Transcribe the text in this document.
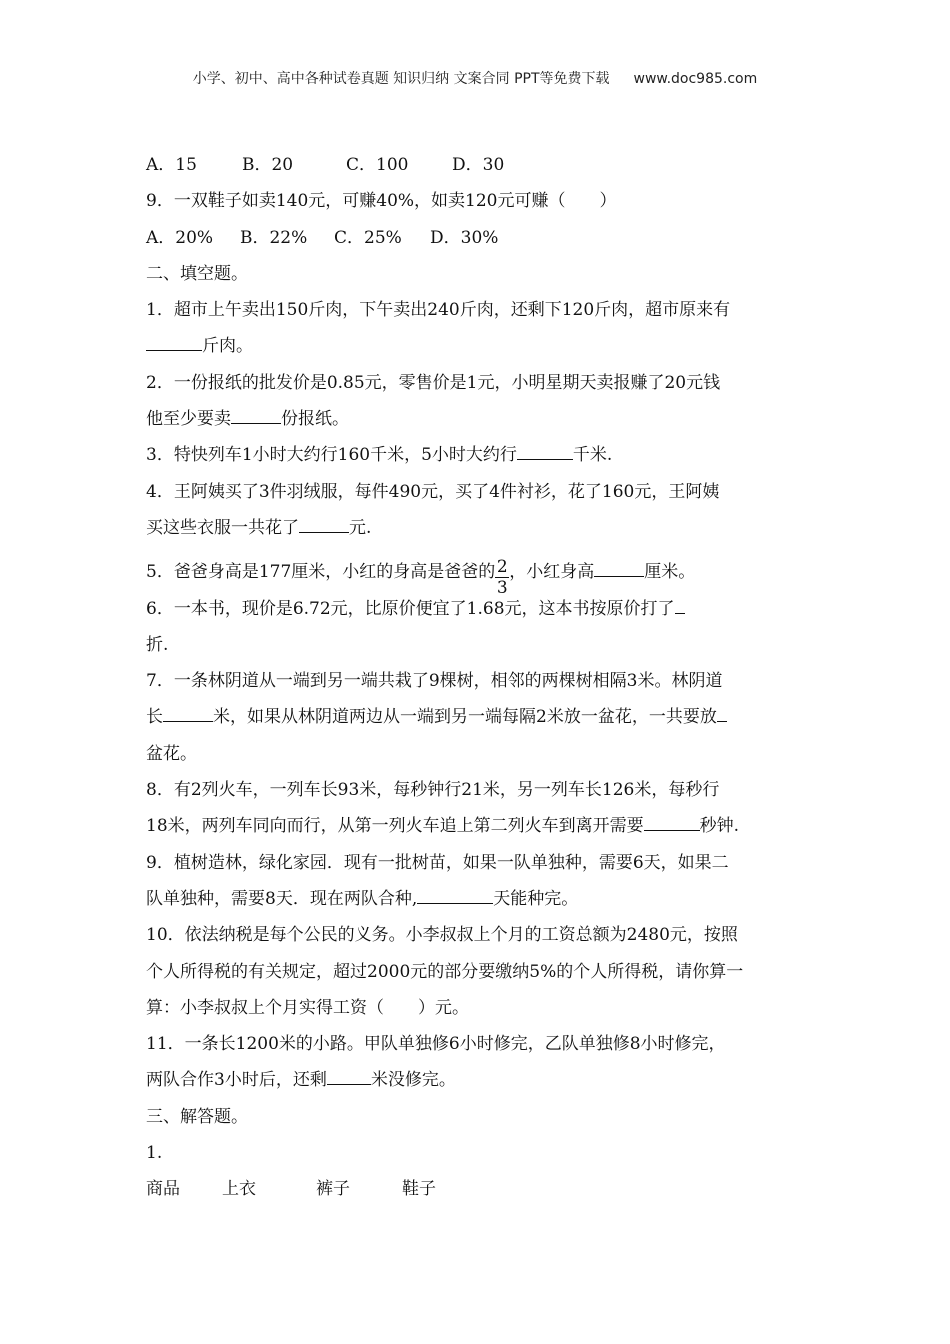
小学、初中、高中各种试卷真题 知识归纳 文案合同 PPT等免费下载 www.doc985.com
A．15	B．20	C．100	D．30
9．一双鞋子如卖140元，可赚40%，如卖120元可赚（　　）
A．20% B．22% C．25% D．30%
二、填空题。
1．超市上午卖出150斤肉，下午卖出240斤肉，还剩下120斤肉，超市原来有
斤肉。
2．一份报纸的批发价是0.85元，零售价是1元，小明星期天卖报赚了20元钱
他至少要卖	份报纸。
3．特快列车1小时大约行160千米，5小时大约行	千米.
4．王阿姨买了3件羽绒服，每件490元，买了4件衬衫，花了160元，王阿姨
买这些衣服一共花了	元.
5．爸爸身高是177厘米，小红的身高是爸爸的 $\frac{2}{3}$ ，小红身高	厘米。
6．一本书，现价是6.72元，比原价便宜了1.68元，这本书按原价打了
折.
7．一条林阴道从一端到另一端共栽了9棵树，相邻的两棵树相隔3米。林阴道
长	米，如果从林阴道两边从一端到另一端每隔2米放一盆花，一共要放
盆花。
8．有2列火车，一列车长93米，每秒钟行21米，另一列车长126米，每秒行
18米，两列车同向而行，从第一列火车追上第二列火车到离开需要	秒钟.
9．植树造林，绿化家园．现有一批树苗，如果一队单独种，需要6天，如果二
队单独种，需要8天．现在两队合种,	天能种完。
10．依法纳税是每个公民的义务。小李叔叔上个月的工资总额为2480元，按照
个人所得税的有关规定，超过2000元的部分要缴纳5%的个人所得税，请你算一
算：小李叔叔上个月实得工资（　　）元。
11．一条长1200米的小路。甲队单独修6小时修完，乙队单独修8小时修完，
两队合作3小时后，还剩	米没修完。
三、解答题。
1.
商品 上衣	裤子	鞋子
